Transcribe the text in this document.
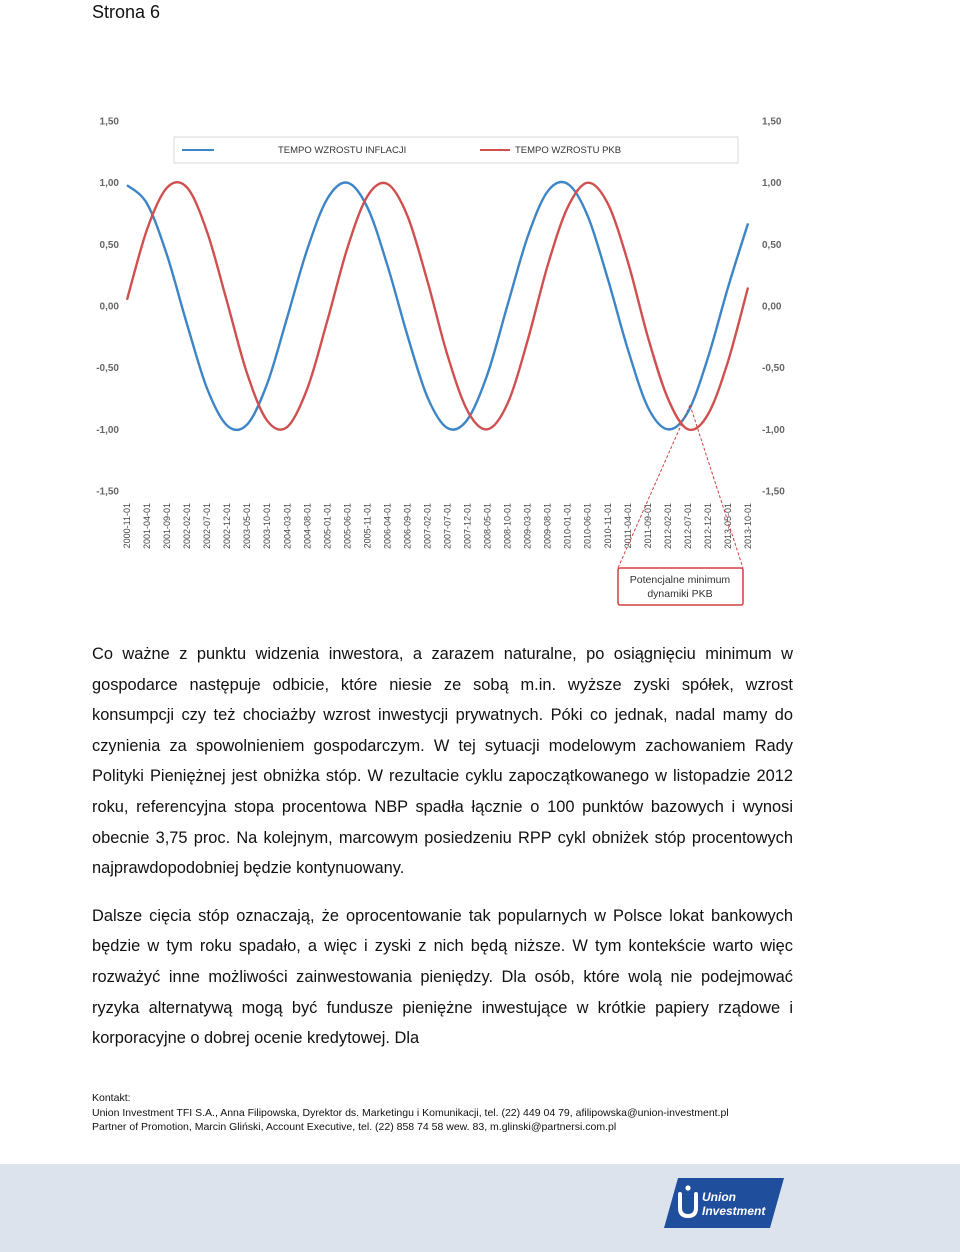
Strona 6
TEMPO WZROSTU INFLACJI	TEMPO WZROSTU PKB
1,50
1,00
0,50
0,00
-0,50
-1,00
-1,50
1,50
1,00
0,50
0,00
-0,50
-1,00
-1,50
2000-11-01 2001-04-01 2001-09-01 2002-02-01 2002-07-01 2002-12-01 2003-05-01 2003-10-01 2004-03-01 2004-08-01 2005-01-01 2005-06-01 2005-11-01 2006-04-01 2006-09-01 2007-02-01 2007-07-01 2007-12-01 2008-05-01 2008-10-01 2009-03-01 2009-08-01 2010-01-01 2010-06-01 2010-11-01 2011-04-01 2011-09-01 2012-02-01 2012-07-01 2012-12-01 2013-05-01 2013-10-01
Potencjalne minimum
dynamiki PKB

Co ważne z punktu widzenia inwestora, a zarazem naturalne, po osiągnięciu minimum w gospodarce następuje odbicie, które niesie ze sobą m.in. wyższe zyski spółek, wzrost konsumpcji czy też chociażby wzrost inwestycji prywatnych. Póki co jednak, nadal mamy do czynienia za spowolnieniem gospodarczym. W tej sytuacji modelowym zachowaniem Rady Polityki Pieniężnej jest obniżka stóp. W rezultacie cyklu zapoczątkowanego w listopadzie 2012 roku, referencyjna stopa procentowa NBP spadła łącznie o 100 punktów bazowych i wynosi obecnie 3,75 proc. Na kolejnym, marcowym posiedzeniu RPP cykl obniżek stóp procentowych najprawdopodobniej będzie kontynuowany.

Dalsze cięcia stóp oznaczają, że oprocentowanie tak popularnych w Polsce lokat bankowych będzie w tym roku spadało, a więc i zyski z nich będą niższe. W tym kontekście warto więc rozważyć inne możliwości zainwestowania pieniędzy. Dla osób, które wolą nie podejmować ryzyka alternatywą mogą być fundusze pieniężne inwestujące w krótkie papiery rządowe i korporacyjne o dobrej ocenie kredytowej. Dla

Kontakt:
Union Investment TFI S.A., Anna Filipowska, Dyrektor ds. Marketingu i Komunikacji, tel. (22) 449 04 79, afilipowska@union-investment.pl
Partner of Promotion, Marcin Gliński, Account Executive, tel. (22) 858 74 58 wew. 83, m.glinski@partnersi.com.pl
Union
Investment
